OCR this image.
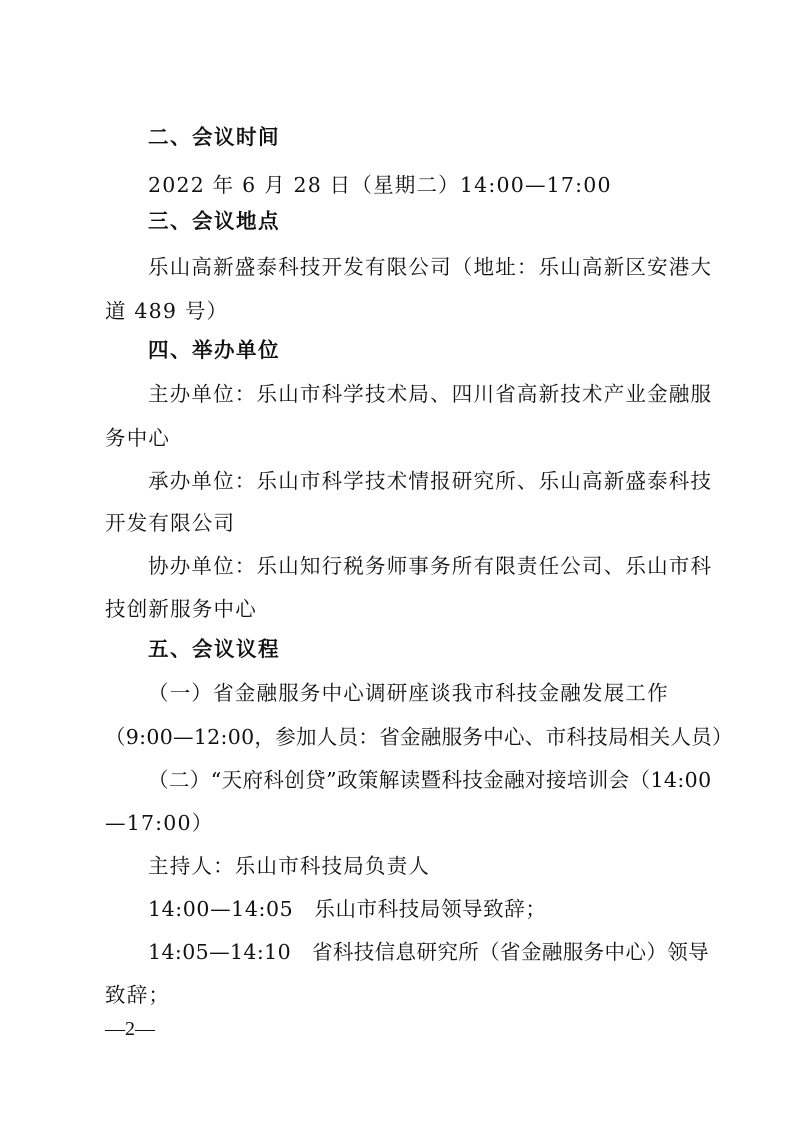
二、会议时间
2022 年 6 月 28 日（星期二）14:00—17:00
三、会议地点
乐山高新盛泰科技开发有限公司（地址：乐山高新区安港大
道 489 号）
四、举办单位
主办单位：乐山市科学技术局、四川省高新技术产业金融服
务中心
承办单位：乐山市科学技术情报研究所、乐山高新盛泰科技
开发有限公司
协办单位：乐山知行税务师事务所有限责任公司、乐山市科
技创新服务中心
五、会议议程
（一）省金融服务中心调研座谈我市科技金融发展工作
（9:00—12:00，参加人员：省金融服务中心、市科技局相关人员）
（二）“天府科创贷”政策解读暨科技金融对接培训会（14:00
—17:00）
主持人：乐山市科技局负责人
14:00—14:05　乐山市科技局领导致辞；
14:05—14:10　省科技信息研究所（省金融服务中心）领导
致辞；
—2—
